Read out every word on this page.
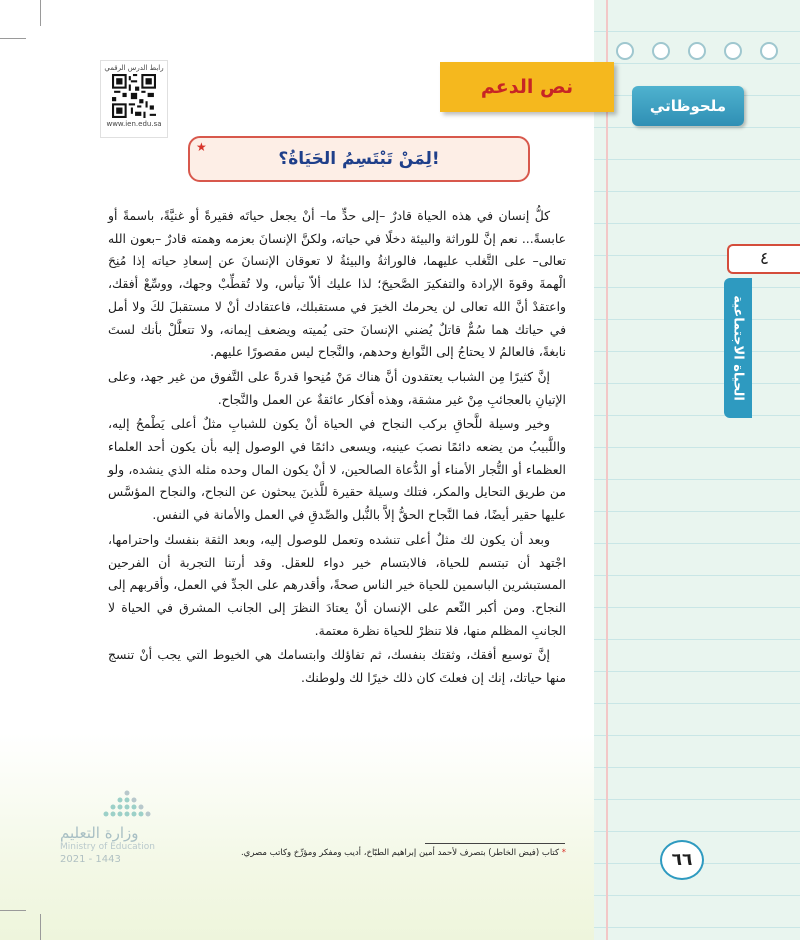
ملحوظاتي
٤
الحياة الاجتماعية
رابط الدرس الرقمي
www.ien.edu.sa
نص الدعم
لِمَنْ تَبْتَسِمُ الحَيَاةُ؟!
★

كلُّ إنسان في هذه الحياة قادرٌ –إلى حدٍّ ما– أنْ يجعل حياتَه فقيرةً أو غنيَّةً، باسمةً أو عابسةً... نعم إنَّ للوراثة والبيئة دخلًا في حياته، ولكنَّ الإنسانَ بعزمه وهمته قادرٌ –بعون الله تعالى– على التَّغلب عليهما، فالوراثةُ والبيئةُ لا تعوقان الإنسانَ عن إسعادِ حياته إذا مُنِحَ الْهمةَ وقوةَ الإرادة والتفكيرَ الصَّحيحَ؛ لذا عليك ألاّ تيأس، ولا تُقطِّبْ وجهك، ووسِّعْ أفقك، واعتقدْ أنَّ الله تعالى لن يحرمك الخيرَ في مستقبلك، فاعتقادك أنْ لا مستقبلَ لكَ ولا أمل في حياتك هما سُمٌّ قاتلٌ يُضني الإنسانَ حتى يُميته ويضعف إيمانه، ولا تتعلَّلْ بأنك لستَ نابغةً، فالعالمُ لا يحتاجُ إلى النَّوابغ وحدهم، والنَّجاح ليس مقصورًا عليهم.

إنَّ كثيرًا مِن الشباب يعتقدون أنَّ هناك مَنْ مُنِحوا قدرةً على التَّفوق من غير جهد، وعلى الإتيانِ بالعجائبِ مِنْ غير مشقة، وهذه أفكار عائقةٌ عن العمل والنَّجاح.

وخير وسيلة للَّحاقِ بركب النجاح في الحياة أنْ يكون للشبابِ مثلٌ أعلى يَطْمحُ إليه، واللَّبيبُ من يضعه دائمًا نصبَ عينيه، ويسعى دائمًا في الوصول إليه بأن يكون أحد العلماء العظماء أو التُّجار الأمناء أو الدُّعاة الصالحين، لا أنْ يكون المال وحده مثله الذي ينشده، ولو من طريق التحايل والمكر، فتلك وسيلة حقيرة للَّذينَ يبحثون عن النجاح، والنجاح المؤسَّس عليها حقير أيضًا، فما النَّجاح الحقُّ إلاَّ بالنُّبل والصِّدقِ في العمل والأمانة في النفس.

وبعد أن يكون لك مثلٌ أعلى تنشده وتعمل للوصول إليه، وبعد الثقة بنفسك واحترامها، اجْتهد أن تبتسم للحياة، فالابتسام خير دواء للعقل. وقد أرتنا التجربة أن الفرحين المستبشرين الباسمين للحياة خير الناس صحةً، وأقدرهم على الجدِّ في العمل، وأقربهم إلى النجاح. ومن أكبر النِّعم على الإنسان أنْ يعتادَ النظرَ إلى الجانب المشرق في الحياة لا الجانبِ المظلم منها، فلا تنظرْ للحياة نظرة معتمة.

إنَّ توسيع أفقك، وثقتك بنفسك، ثم تفاؤلك وابتسامك هي الخيوط التي يجب أنْ تنسج منها حياتك، إنك إن فعلتَ كان ذلك خيرًا لك ولوطنك.

* كتاب (فيض الخاطر) بتصرف لأحمد أمين إبراهيم الطبّاخ، أديب ومفكر ومؤرِّخ وكاتب مصري.	٦٦
وزارة التعليم
Ministry of Education
2021 - 1443
